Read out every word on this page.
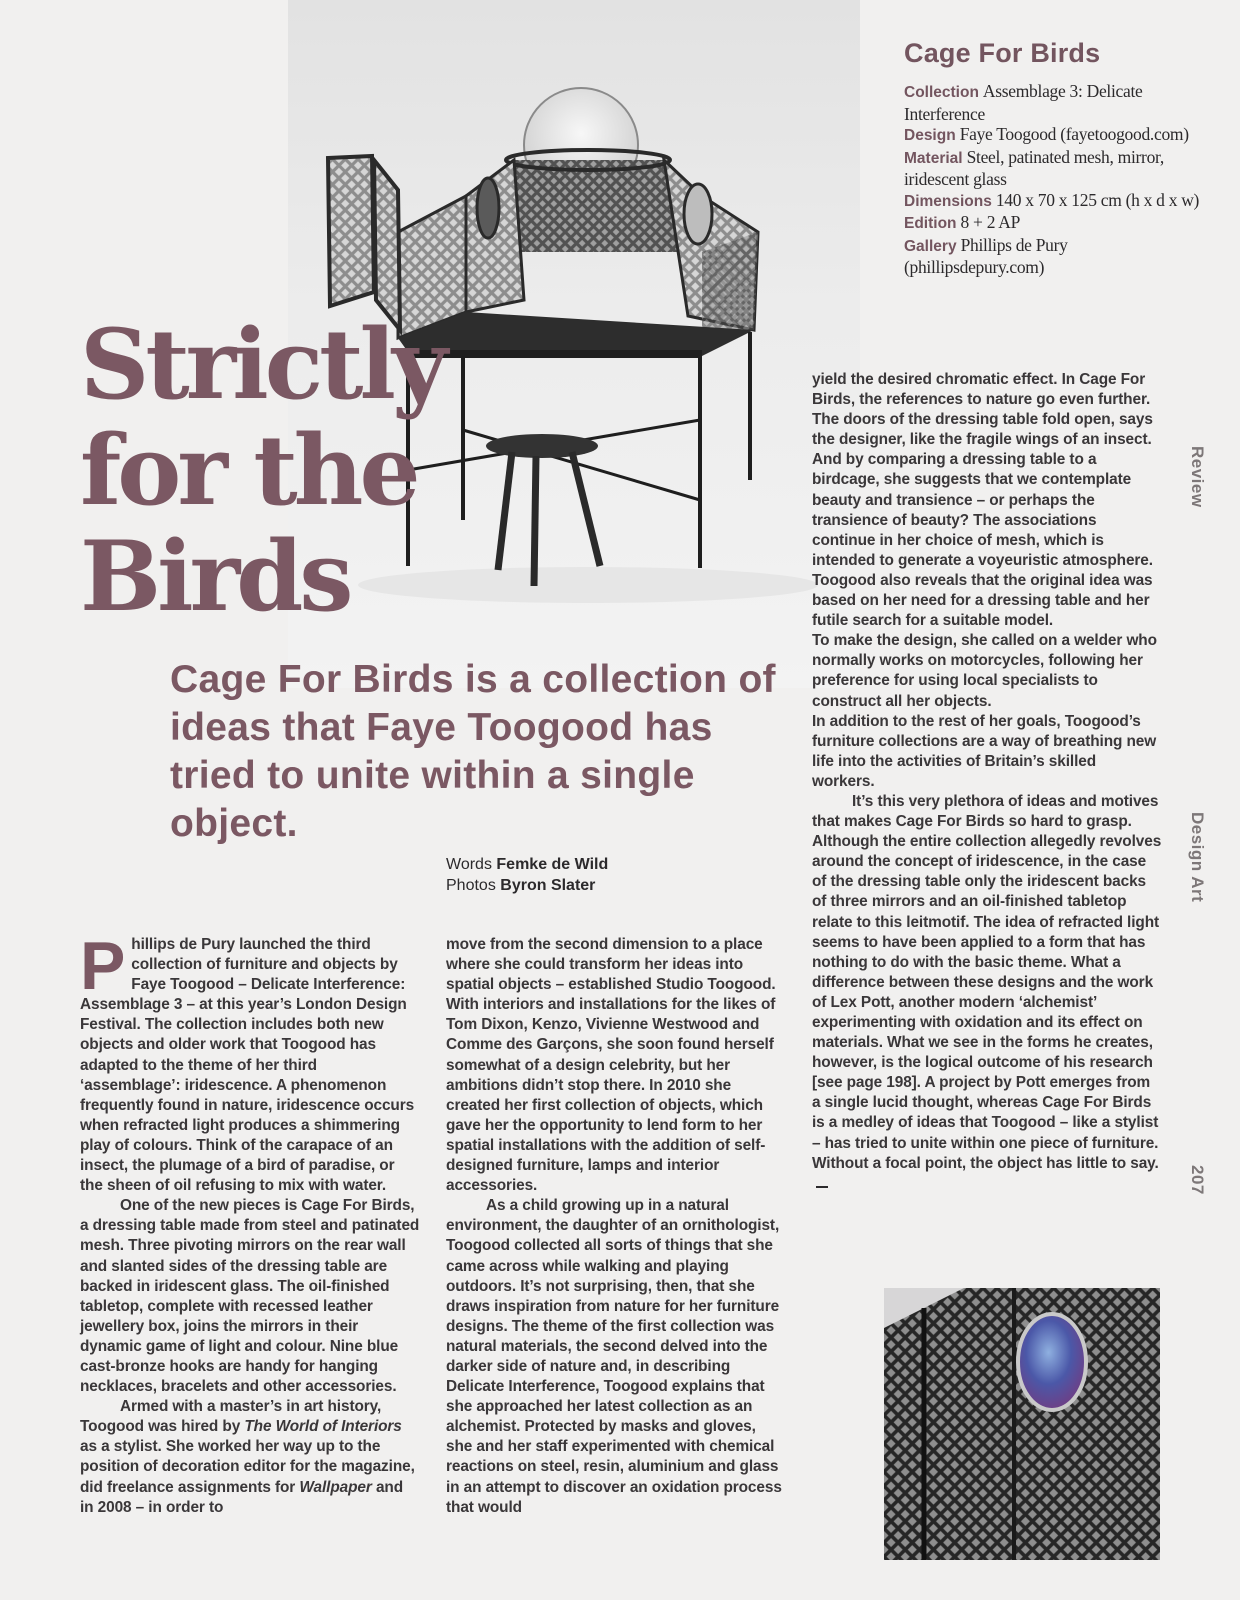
Cage For Birds
Collection Assemblage 3: Delicate Interference
Design Faye Toogood (fayetoogood.com)
Material Steel, patinated mesh, mirror, iridescent glass
Dimensions 140 x 70 x 125 cm (h x d x w)
Edition 8 + 2 AP
Gallery Phillips de Pury (phillipsdepury.com)
Strictly
for the
Birds

Cage For Birds is a collection of ideas that Faye Toogood has tried to unite within a single object.

Words Femke de Wild
Photos Byron Slater

Phillips de Pury launched the third collection of furniture and objects by Faye Toogood – Delicate Interference: Assemblage 3 – at this year’s London Design Festival. The collection includes both new objects and older work that Toogood has adapted to the theme of her third ‘assemblage’: iridescence. A phenomenon frequently found in nature, iridescence occurs when refracted light produces a shimmering play of colours. Think of the carapace of an insect, the plumage of a bird of paradise, or the sheen of oil refusing to mix with water.

One of the new pieces is Cage For Birds, a dressing table made from steel and patinated mesh. Three pivoting mirrors on the rear wall and slanted sides of the dressing table are backed in iridescent glass. The oil-finished tabletop, complete with recessed leather jewellery box, joins the mirrors in their dynamic game of light and colour. Nine blue cast-bronze hooks are handy for hanging necklaces, bracelets and other accessories.

Armed with a master’s in art history, Toogood was hired by The World of Interiors as a stylist. She worked her way up to the position of decoration editor for the magazine, did freelance assignments for Wallpaper and in 2008 – in order to

move from the second dimension to a place where she could transform her ideas into spatial objects – established Studio Toogood. With interiors and installations for the likes of Tom Dixon, Kenzo, Vivienne Westwood and Comme des Garçons, she soon found herself somewhat of a design celebrity, but her ambitions didn’t stop there. In 2010 she created her first collection of objects, which gave her the opportunity to lend form to her spatial installations with the addition of self-designed furniture, lamps and interior accessories.

As a child growing up in a natural environment, the daughter of an ornithologist, Toogood collected all sorts of things that she came across while walking and playing outdoors. It’s not surprising, then, that she draws inspiration from nature for her furniture designs. The theme of the first collection was natural materials, the second delved into the darker side of nature and, in describing Delicate Interference, Toogood explains that she approached her latest collection as an alchemist. Protected by masks and gloves, she and her staff experimented with chemical reactions on steel, resin, aluminium and glass in an attempt to discover an oxidation process that would

yield the desired chromatic effect. In Cage For Birds, the references to nature go even further. The doors of the dressing table fold open, says the designer, like the fragile wings of an insect. And by comparing a dressing table to a birdcage, she suggests that we contemplate beauty and transience – or perhaps the transience of beauty? The associations continue in her choice of mesh, which is intended to generate a voyeuristic atmosphere. Toogood also reveals that the original idea was based on her need for a dressing table and her futile search for a suitable model.

To make the design, she called on a welder who normally works on motorcycles, following her preference for using local specialists to construct all her objects.

In addition to the rest of her goals, Toogood’s furniture collections are a way of breathing new life into the activities of Britain’s skilled workers.

It’s this very plethora of ideas and motives that makes Cage For Birds so hard to grasp. Although the entire collection allegedly revolves around the concept of iridescence, in the case of the dressing table only the iridescent backs of three mirrors and an oil-finished tabletop relate to this leitmotif. The idea of refracted light seems to have been applied to a form that has nothing to do with the basic theme. What a difference between these designs and the work of Lex Pott, another modern ‘alchemist’ experimenting with oxidation and its effect on materials. What we see in the forms he creates, however, is the logical outcome of his research [see page 198]. A project by Pott emerges from a single lucid thought, whereas Cage For Birds is a medley of ideas that Toogood – like a stylist – has tried to unite within one piece of furniture. Without a focal point, the object has little to say.

Review
Design Art
207
